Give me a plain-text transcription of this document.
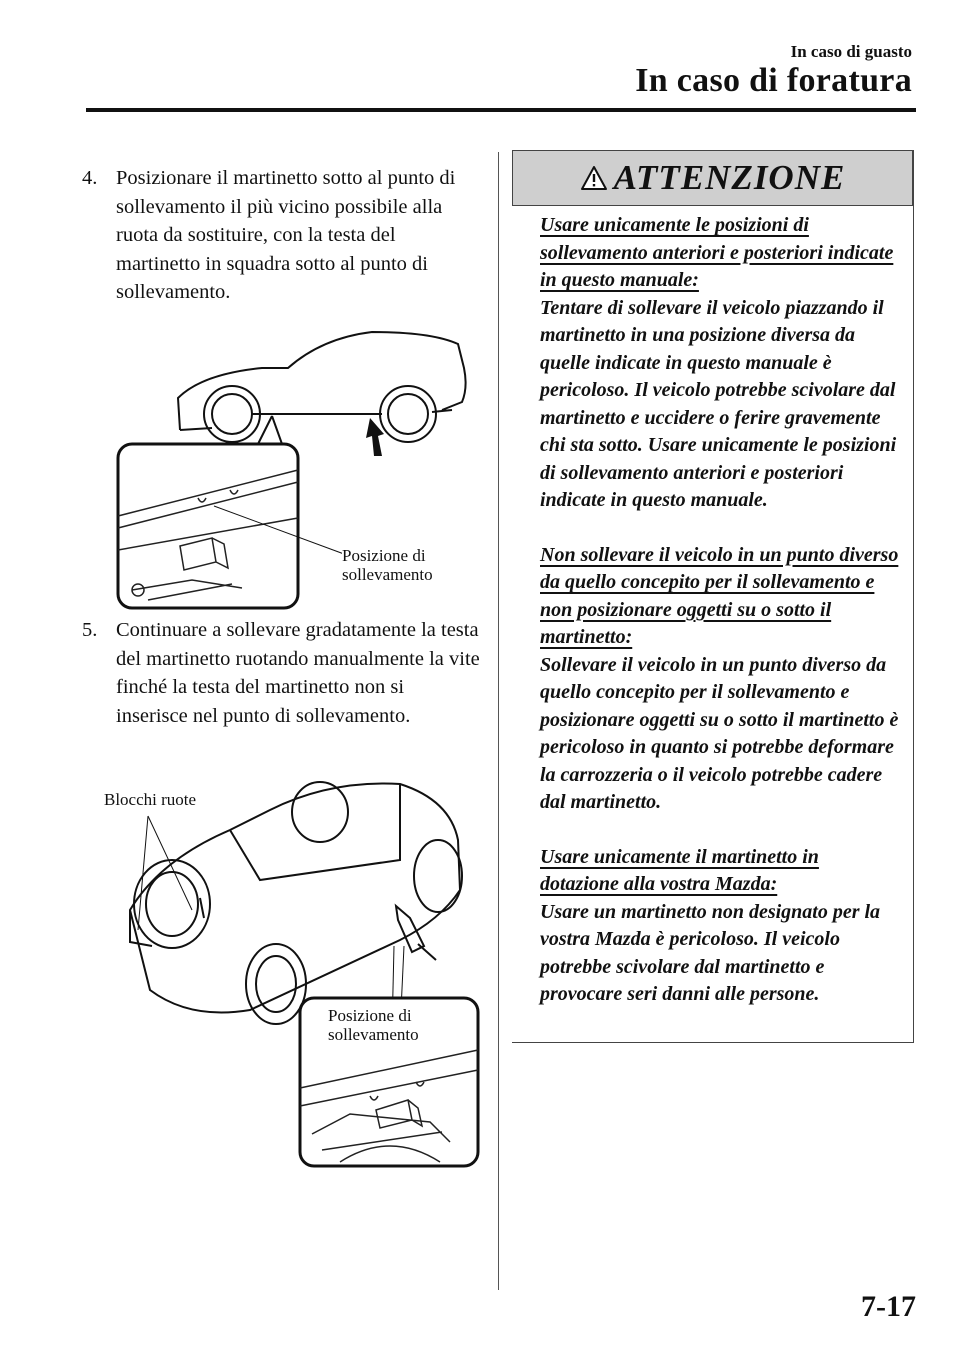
In caso di guasto
In caso di foratura
4. Posizionare il martinetto sotto al punto di sollevamento il più vicino possibile alla ruota da sostituire, con la testa del martinetto in squadra sotto al punto di sollevamento.
Posizione di
sollevamento
5. Continuare a sollevare gradatamente la testa del martinetto ruotando manualmente la vite finché la testa del martinetto non si inserisce nel punto di sollevamento.
Blocchi ruote
Posizione di
sollevamento
ATTENZIONE

Usare unicamente le posizioni di sollevamento anteriori e posteriori indicate in questo manuale:
Tentare di sollevare il veicolo piazzando il martinetto in una posizione diversa da quelle indicate in questo manuale è pericoloso. Il veicolo potrebbe scivolare dal martinetto e uccidere o ferire gravemente chi sta sotto. Usare unicamente le posizioni di sollevamento anteriori e posteriori indicate in questo manuale.

Non sollevare il veicolo in un punto diverso da quello concepito per il sollevamento e non posizionare oggetti su o sotto il martinetto:
Sollevare il veicolo in un punto diverso da quello concepito per il sollevamento e posizionare oggetti su o sotto il martinetto è pericoloso in quanto si potrebbe deformare la carrozzeria o il veicolo potrebbe cadere dal martinetto.

Usare unicamente il martinetto in dotazione alla vostra Mazda:
Usare un martinetto non designato per la vostra Mazda è pericoloso. Il veicolo potrebbe scivolare dal martinetto e provocare seri danni alle persone.

7-17
